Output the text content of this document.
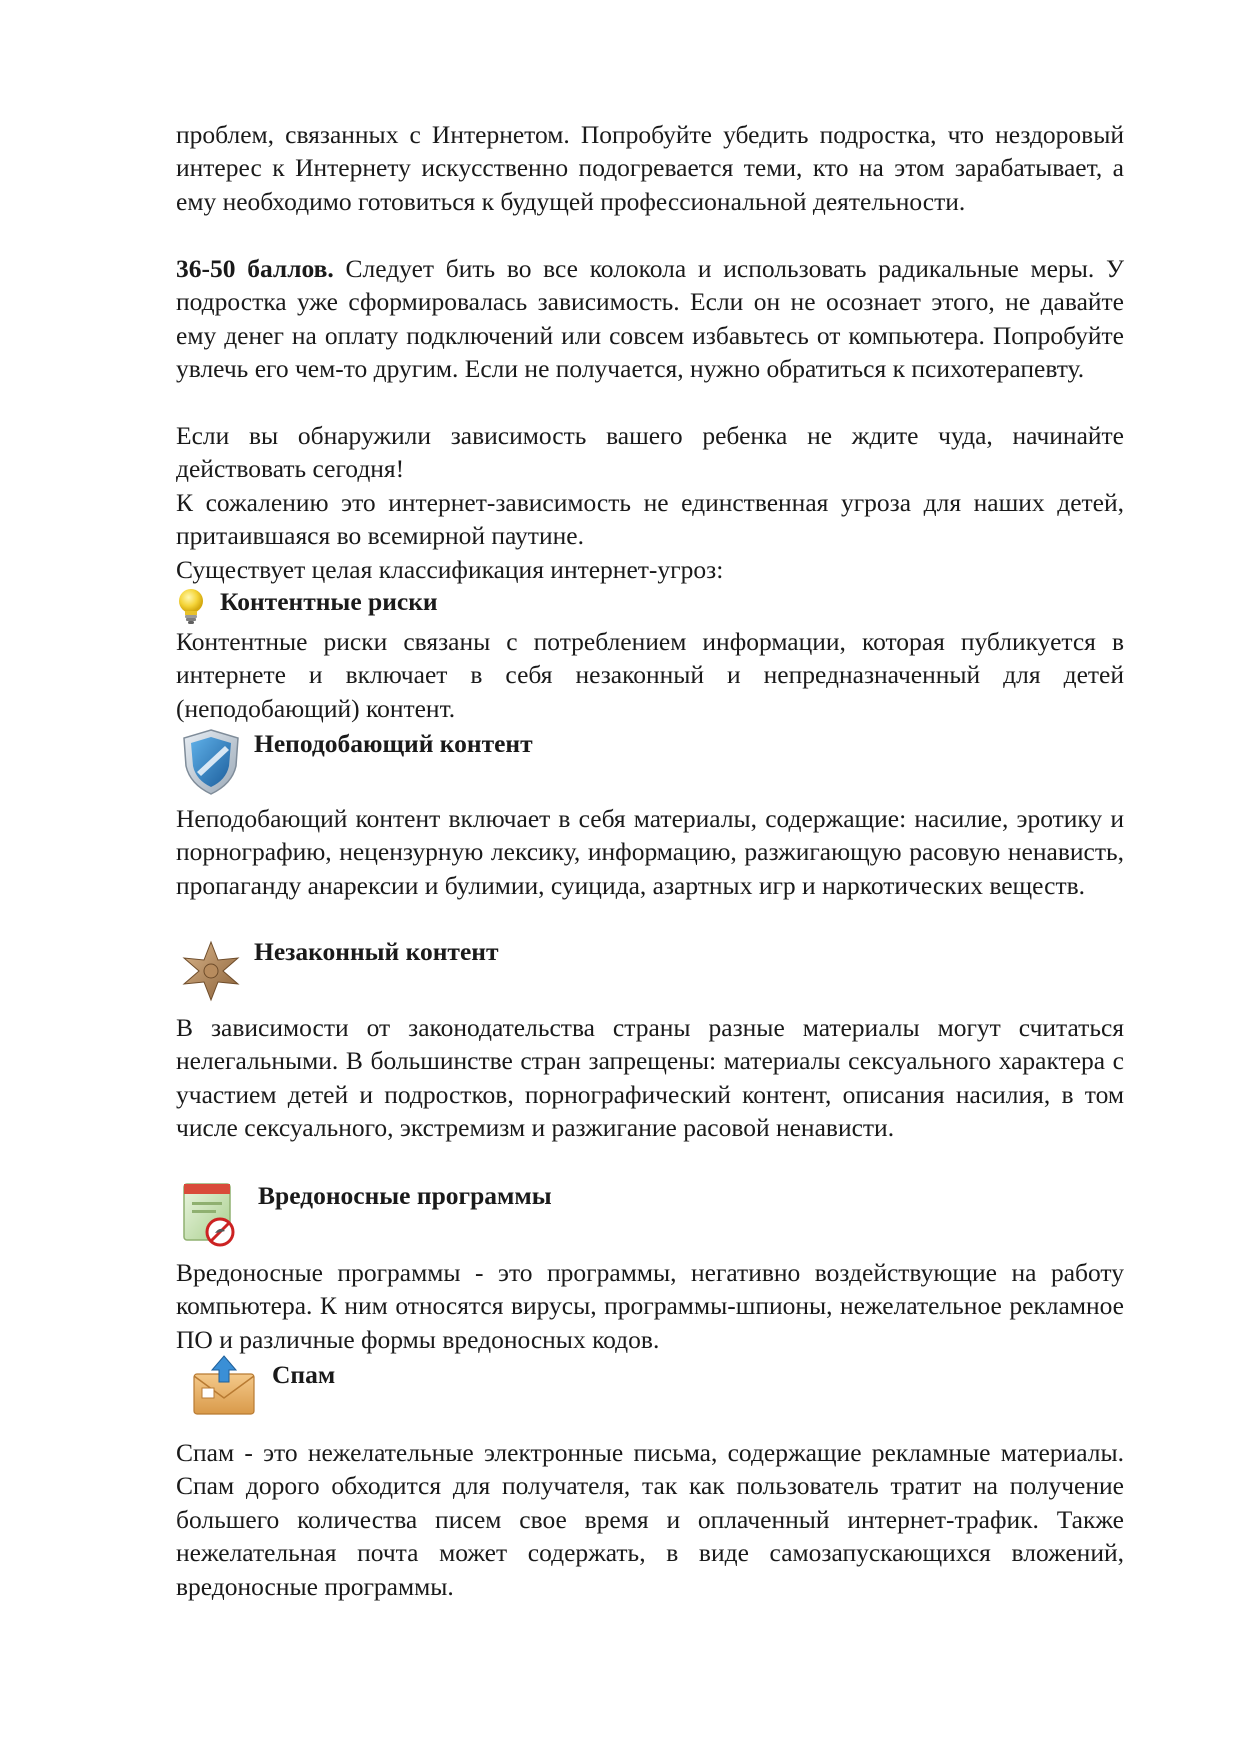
проблем, связанных с Интернетом. Попробуйте убедить подростка, что нездоровый интерес к Интернету искусственно подогревается теми, кто на этом зарабатывает, а ему необходимо готовиться к будущей профессиональной деятельности.

36-50 баллов. Следует бить во все колокола и использовать радикальные меры. У подростка уже сформировалась зависимость. Если он не осознает этого, не давайте ему денег на оплату подключений или совсем избавьтесь от компьютера. Попробуйте увлечь его чем-то другим. Если не получается, нужно обратиться к психотерапевту.

Если вы обнаружили зависимость вашего ребенка не ждите чуда, начинайте действовать сегодня!

К сожалению это интернет-зависимость не единственная угроза для наших детей, притаившаяся во всемирной паутине.

Существует целая классификация интернет-угроз:

Контентные риски

Контентные риски связаны с потреблением информации, которая публикуется в интернете и включает в себя незаконный и непредназначенный для детей (неподобающий) контент.

Неподобающий контент

Неподобающий контент включает в себя материалы, содержащие: насилие, эротику и порнографию, нецензурную лексику, информацию, разжигающую расовую ненависть, пропаганду анарексии и булимии, суицида, азартных игр и наркотических веществ.

Незаконный контент

В зависимости от законодательства страны разные материалы могут считаться нелегальными. В большинстве стран запрещены: материалы сексуального характера с участием детей и подростков, порнографический контент, описания насилия, в том числе сексуального, экстремизм и разжигание расовой ненависти.

Вредоносные программы

Вредоносные программы - это программы, негативно воздействующие на работу компьютера. К ним относятся вирусы, программы-шпионы, нежелательное рекламное ПО и различные формы вредоносных кодов.

Спам

Спам - это нежелательные электронные письма, содержащие рекламные материалы. Спам дорого обходится для получателя, так как пользователь тратит на получение большего количества писем свое время и оплаченный интернет-трафик. Также нежелательная почта может содержать, в виде самозапускающихся вложений, вредоносные программы.
